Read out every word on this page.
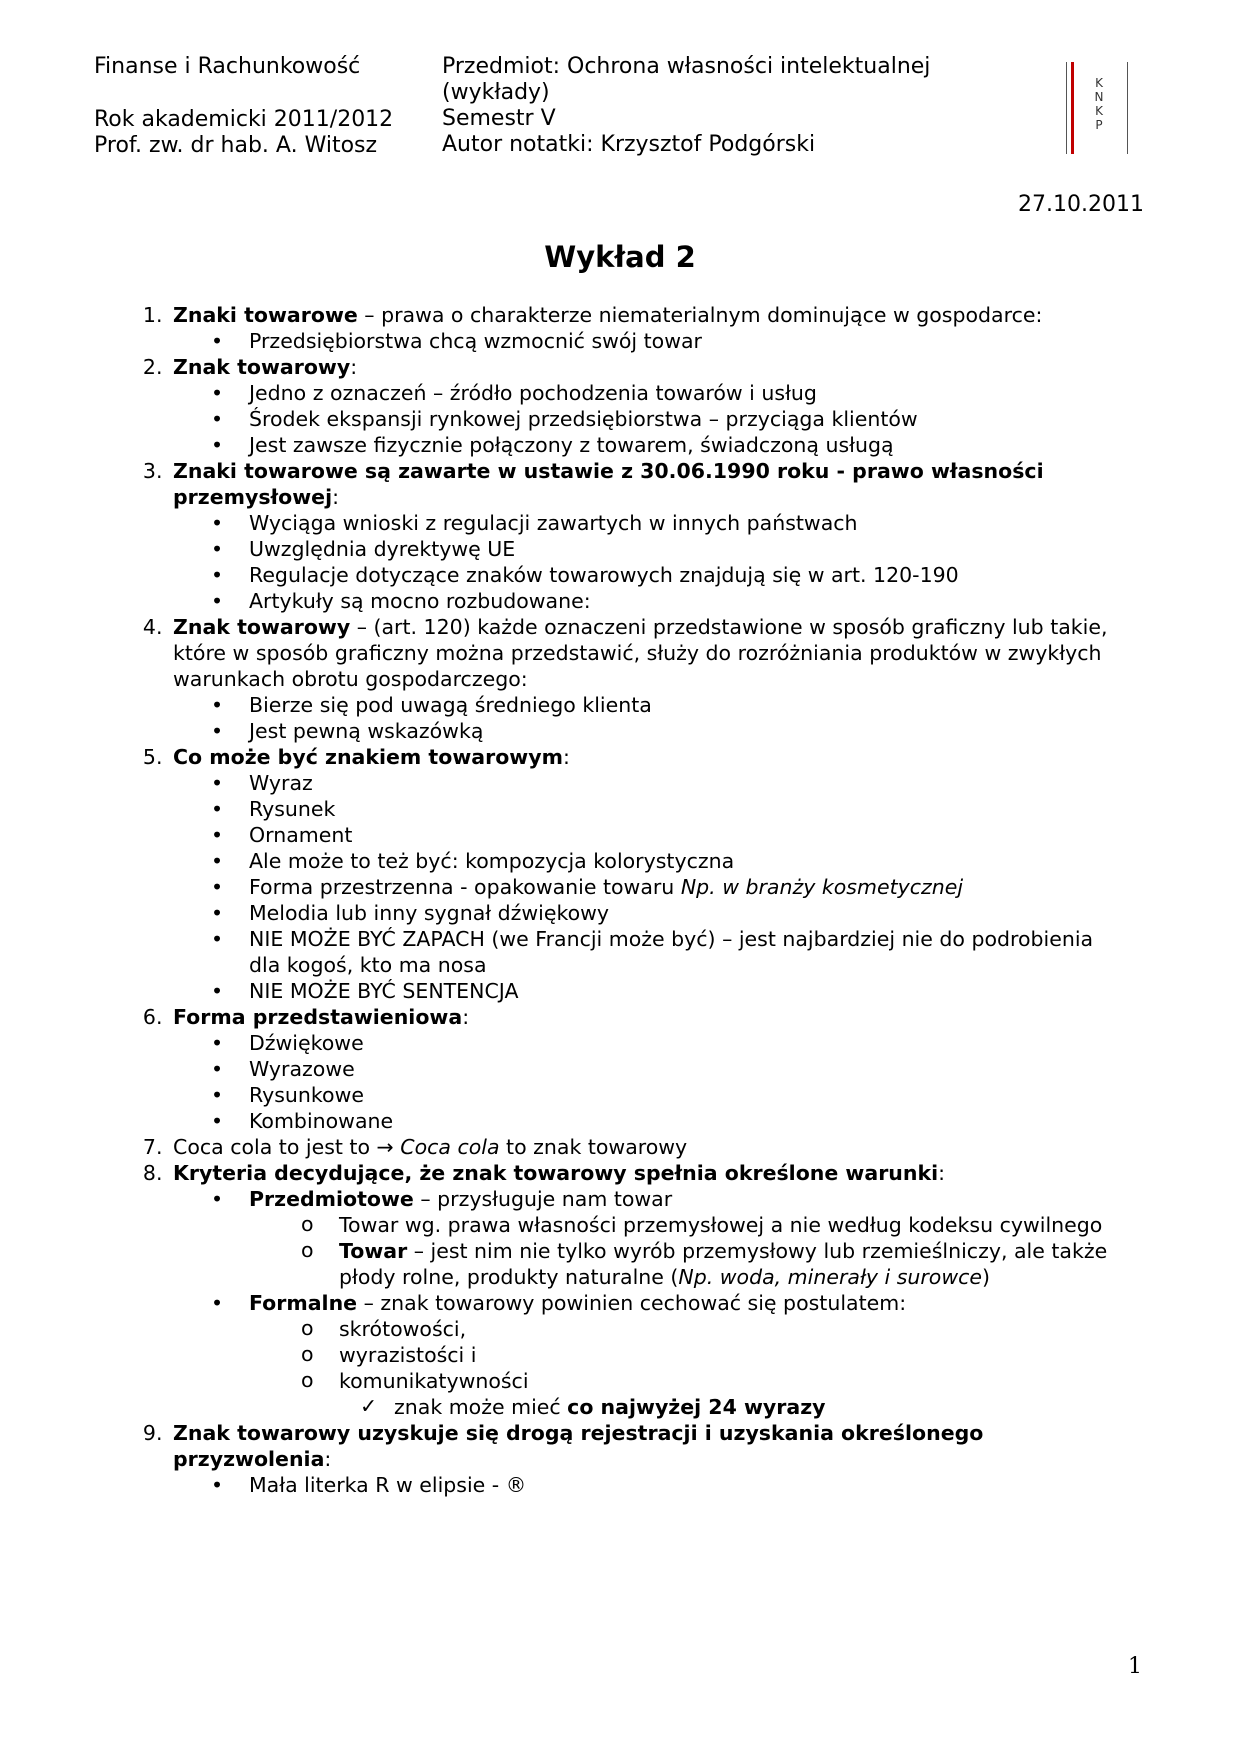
Finanse i Rachunkowość
Rok akademicki 2011/2012
Prof. zw. dr hab. A. Witosz
Przedmiot: Ochrona własności intelektualnej (wykłady)
Semestr V
Autor notatki: Krzysztof Podgórski
K
N
K
P
27.10.2011
Wykład 2
1. Znaki towarowe – prawa o charakterze niematerialnym dominujące w gospodarce:
• Przedsiębiorstwa chcą wzmocnić swój towar
2. Znak towarowy:
• Jedno z oznaczeń – źródło pochodzenia towarów i usług
• Środek ekspansji rynkowej przedsiębiorstwa – przyciąga klientów
• Jest zawsze fizycznie połączony z towarem, świadczoną usługą
3. Znaki towarowe są zawarte w ustawie z 30.06.1990 roku - prawo własności przemysłowej:
• Wyciąga wnioski z regulacji zawartych w innych państwach
• Uwzględnia dyrektywę UE
• Regulacje dotyczące znaków towarowych znajdują się w art. 120-190
• Artykuły są mocno rozbudowane:
4. Znak towarowy – (art. 120) każde oznaczeni przedstawione w sposób graficzny lub takie, które w sposób graficzny można przedstawić, służy do rozróżniania produktów w zwykłych warunkach obrotu gospodarczego:
• Bierze się pod uwagą średniego klienta
• Jest pewną wskazówką
5. Co może być znakiem towarowym:
• Wyraz
• Rysunek
• Ornament
• Ale może to też być: kompozycja kolorystyczna
• Forma przestrzenna - opakowanie towaru Np. w branży kosmetycznej
• Melodia lub inny sygnał dźwiękowy
• NIE MOŻE BYĆ ZAPACH (we Francji może być) – jest najbardziej nie do podrobienia dla kogoś, kto ma nosa
• NIE MOŻE BYĆ SENTENCJA
6. Forma przedstawieniowa:
• Dźwiękowe
• Wyrazowe
• Rysunkowe
• Kombinowane
7. Coca cola to jest to → Coca cola to znak towarowy
8. Kryteria decydujące, że znak towarowy spełnia określone warunki:
• Przedmiotowe – przysługuje nam towar
o Towar wg. prawa własności przemysłowej a nie według kodeksu cywilnego
o Towar – jest nim nie tylko wyrób przemysłowy lub rzemieślniczy, ale także płody rolne, produkty naturalne (Np. woda, minerały i surowce)
• Formalne – znak towarowy powinien cechować się postulatem:
o skrótowości,
o wyrazistości i
o komunikatywności
✓ znak może mieć co najwyżej 24 wyrazy
9. Znak towarowy uzyskuje się drogą rejestracji i uzyskania określonego przyzwolenia:
• Mała literka R w elipsie - ®
1
